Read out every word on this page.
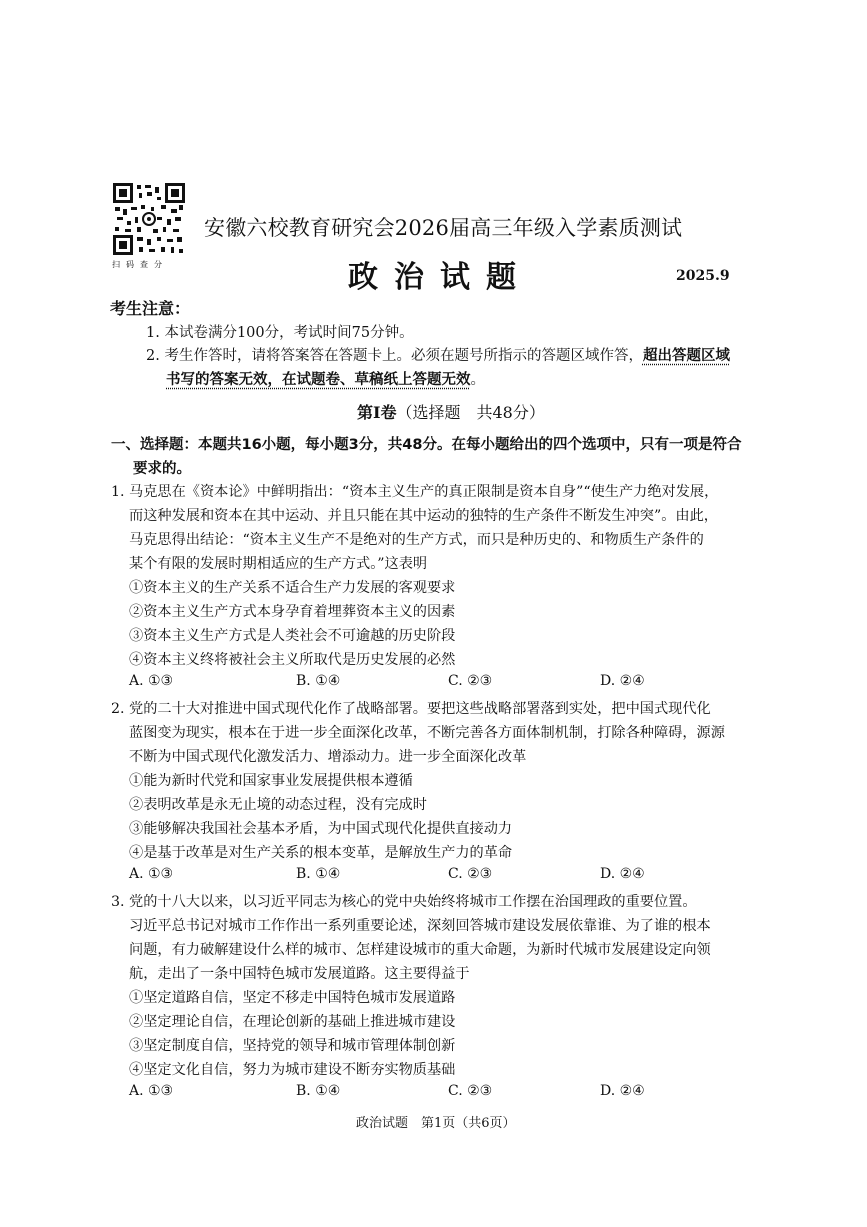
扫码查分
安徽六校教育研究会2026届高三年级入学素质测试
政治试题	2025.9
考生注意：
1. 本试卷满分100分，考试时间75分钟。
2. 考生作答时，请将答案答在答题卡上。必须在题号所指示的答题区域作答，超出答题区域
书写的答案无效，在试题卷、草稿纸上答题无效。
第Ⅰ卷（选择题　共48分）
一、选择题：本题共16小题，每小题3分，共48分。在每小题给出的四个选项中，只有一项是符合
要求的。
1. 马克思在《资本论》中鲜明指出：“资本主义生产的真正限制是资本自身”“使生产力绝对发展，
而这种发展和资本在其中运动、并且只能在其中运动的独特的生产条件不断发生冲突”。由此，
马克思得出结论：“资本主义生产不是绝对的生产方式，而只是种历史的、和物质生产条件的
某个有限的发展时期相适应的生产方式。”这表明
①资本主义的生产关系不适合生产力发展的客观要求
②资本主义生产方式本身孕育着埋葬资本主义的因素
③资本主义生产方式是人类社会不可逾越的历史阶段
④资本主义终将被社会主义所取代是历史发展的必然
A. ①③	B. ①④	C. ②③	D. ②④
2. 党的二十大对推进中国式现代化作了战略部署。要把这些战略部署落到实处，把中国式现代化
蓝图变为现实，根本在于进一步全面深化改革，不断完善各方面体制机制，打除各种障碍，源源
不断为中国式现代化激发活力、增添动力。进一步全面深化改革
①能为新时代党和国家事业发展提供根本遵循
②表明改革是永无止境的动态过程，没有完成时
③能够解决我国社会基本矛盾，为中国式现代化提供直接动力
④是基于改革是对生产关系的根本变革，是解放生产力的革命
A. ①③	B. ①④	C. ②③	D. ②④
3. 党的十八大以来，以习近平同志为核心的党中央始终将城市工作摆在治国理政的重要位置。
习近平总书记对城市工作作出一系列重要论述，深刻回答城市建设发展依靠谁、为了谁的根本
问题，有力破解建设什么样的城市、怎样建设城市的重大命题，为新时代城市发展建设定向领
航，走出了一条中国特色城市发展道路。这主要得益于
①坚定道路自信，坚定不移走中国特色城市发展道路
②坚定理论自信，在理论创新的基础上推进城市建设
③坚定制度自信，坚持党的领导和城市管理体制创新
④坚定文化自信，努力为城市建设不断夯实物质基础
A. ①③	B. ①④	C. ②③	D. ②④
政治试题　第1页（共6页）
